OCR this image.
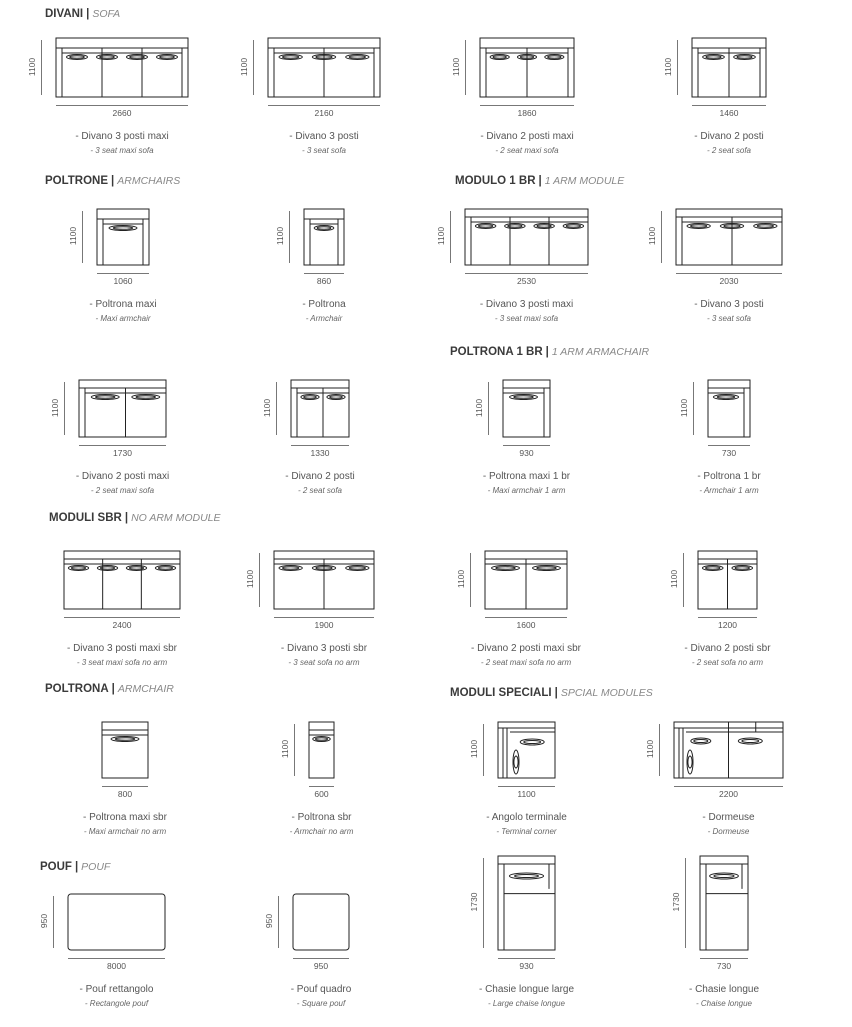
DIVANI | SOFA
POLTRONE | ARMCHAIRS	MODULO 1 BR | 1 ARM MODULE
POLTRONA 1 BR | 1 ARM ARMACHAIR
MODULI SBR | NO ARM MODULE
POLTRONA | ARMCHAIR	MODULI SPECIALI | SPCIAL MODULES
POUF | POUF
2660
- Divano 3 posti maxi
- 3 seat maxi sofa
1100
2160
- Divano 3 posti
- 3 seat sofa
1100
1860
- Divano 2 posti maxi
- 2 seat maxi sofa
1100
1460
- Divano 2 posti
- 2 seat sofa
1100
1060
- Poltrona maxi
- Maxi armchair
1100
860
- Poltrona
- Armchair
1100
2530
- Divano 3 posti maxi
- 3 seat maxi sofa
1100
2030
- Divano 3 posti
- 3 seat sofa
1100
1730
- Divano 2 posti maxi
- 2 seat maxi sofa
1100
1330
- Divano 2 posti
- 2 seat sofa
1100
930
- Poltrona maxi 1 br
- Maxi armchair 1 arm
1100
730
- Poltrona 1 br
- Armchair 1 arm
1100
2400
- Divano 3 posti maxi sbr
- 3 seat maxi sofa no arm
1900
- Divano 3 posti sbr
- 3 seat sofa no arm
1100
1600
- Divano 2 posti maxi sbr
- 2 seat maxi sofa no arm
1100
1200
- Divano 2 posti sbr
- 2 seat sofa no arm
1100
800
- Poltrona maxi sbr
- Maxi armchair no arm
600
- Poltrona sbr
- Armchair no arm
1100
1100
- Angolo terminale
- Terminal corner
1100
2200
- Dormeuse
- Dormeuse
1100
8000
- Pouf rettangolo
- Rectangole pouf
950
950
- Pouf quadro
- Square pouf
950
930
- Chasie longue large
- Large chaise longue
1730
730
- Chasie longue
- Chaise longue
1730
